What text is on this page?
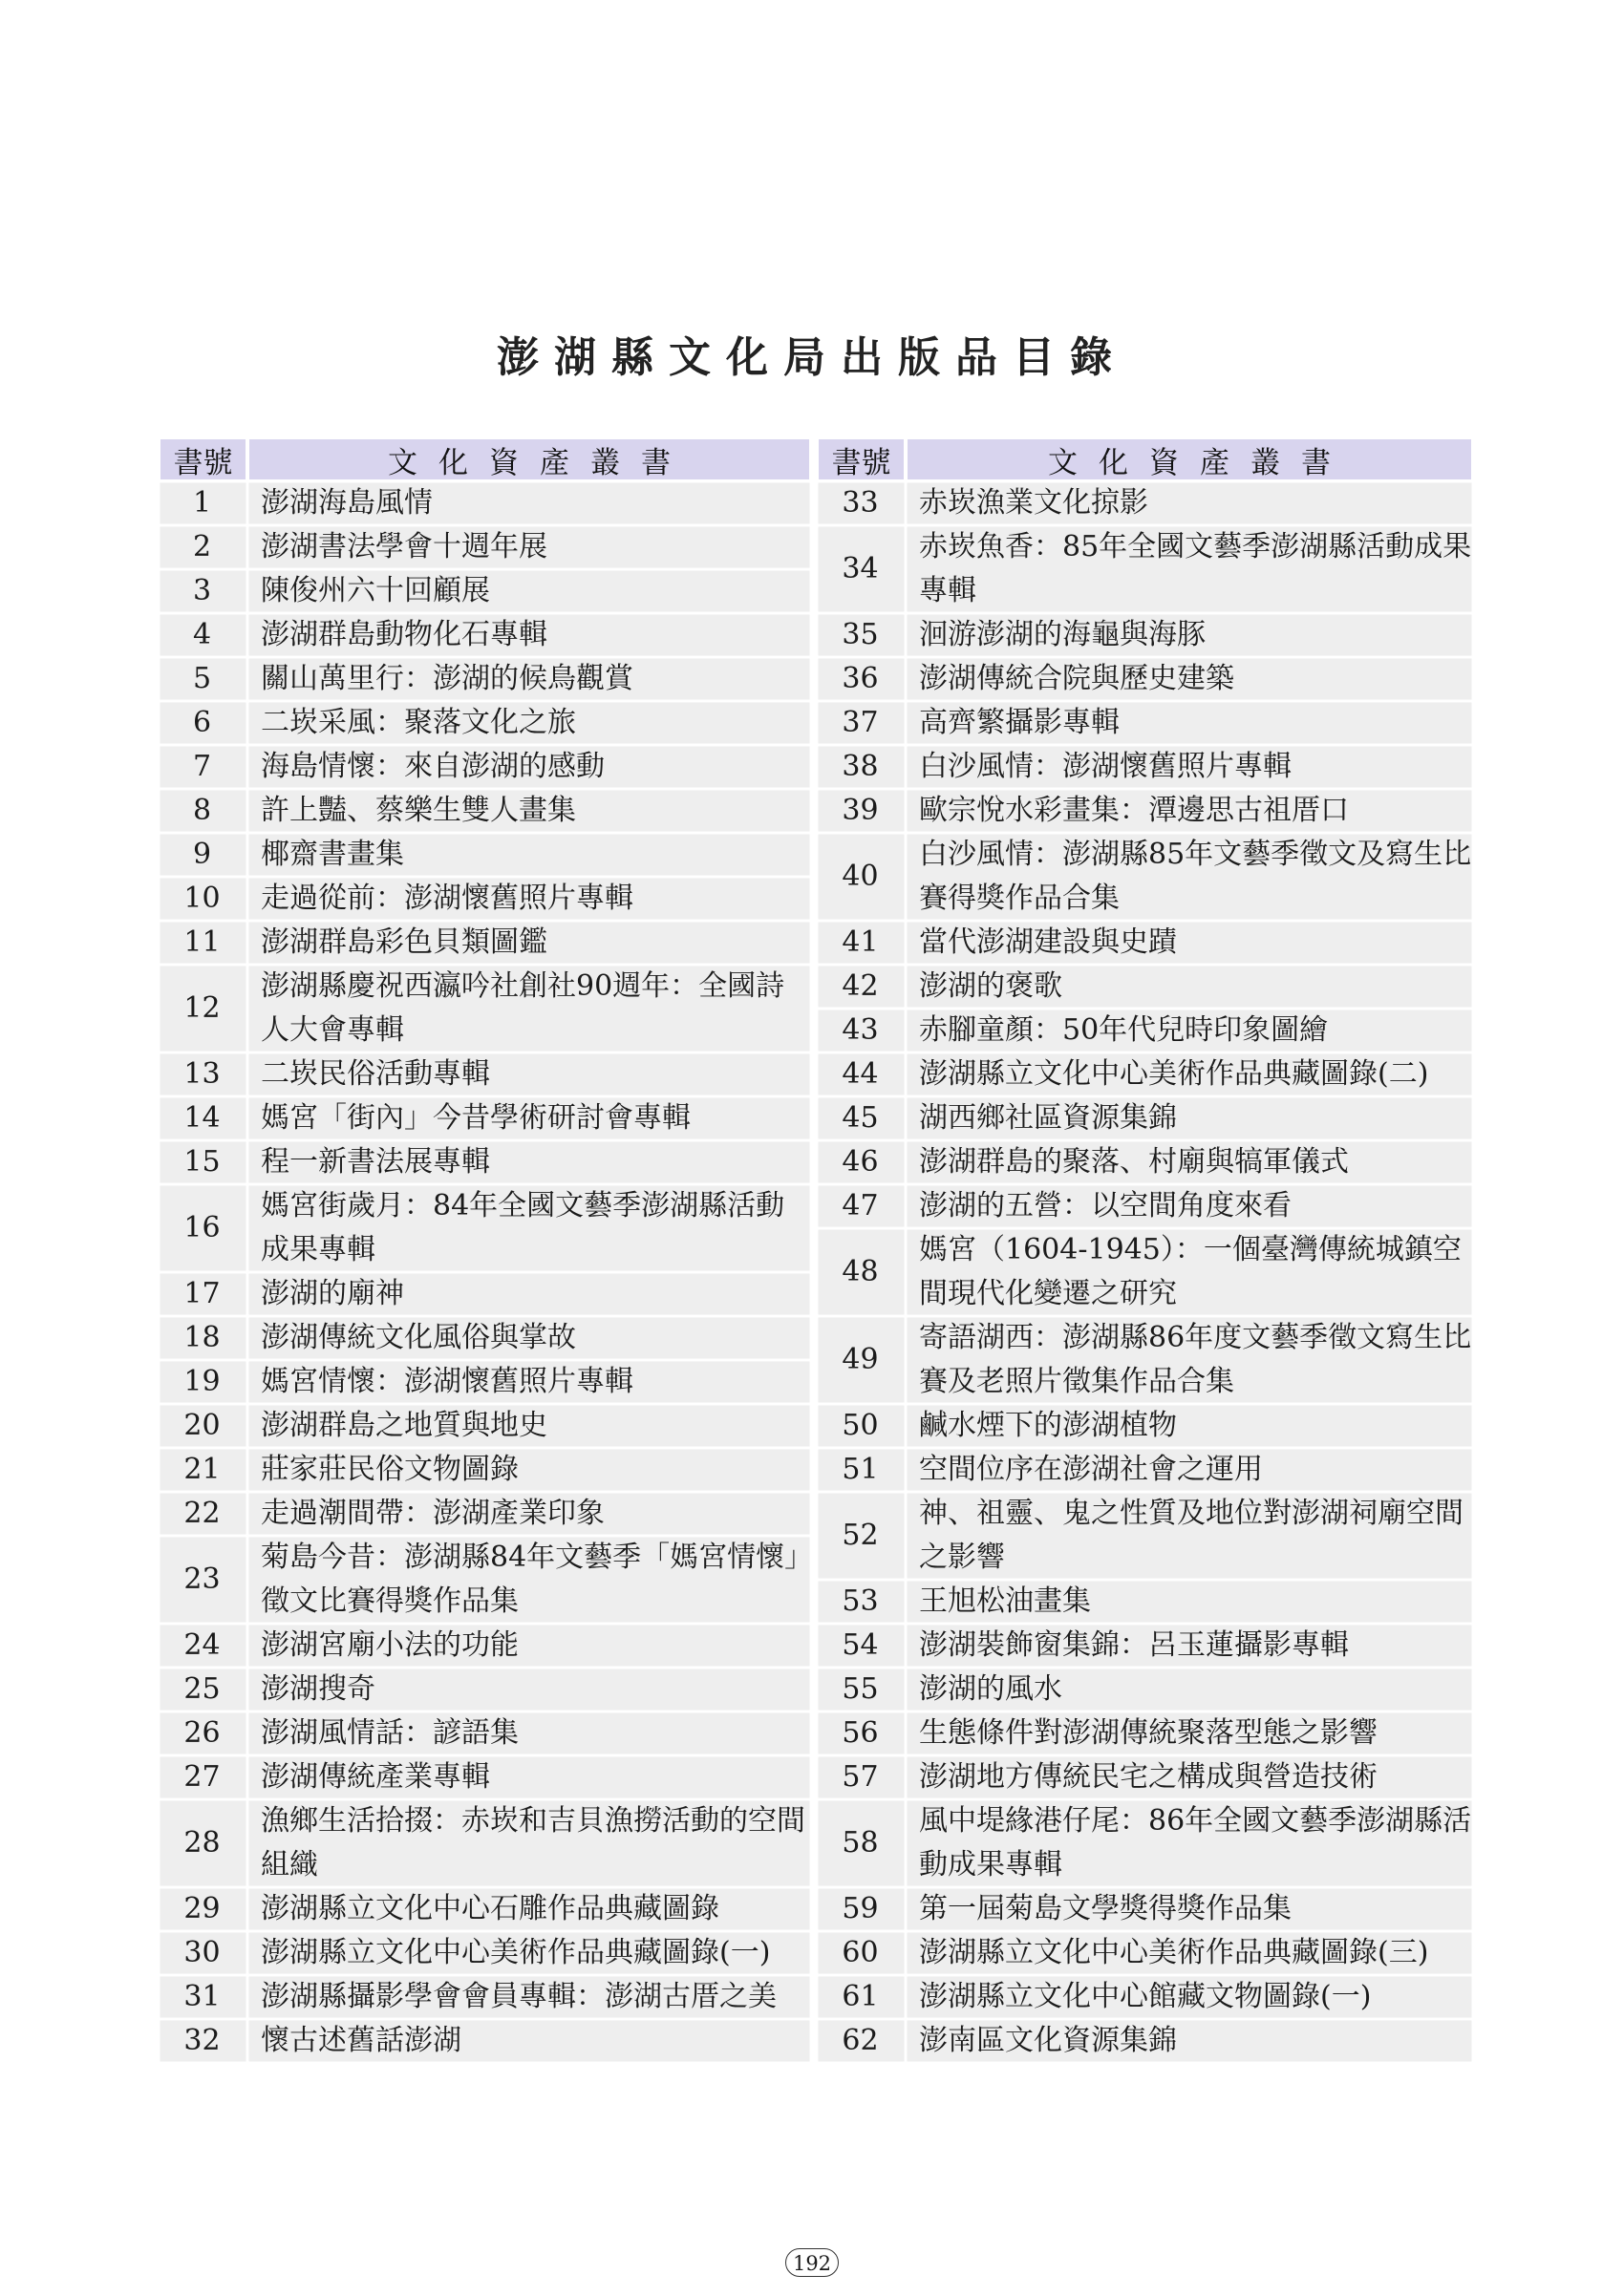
澎湖縣文化局出版品目錄
書號	文化資產叢書
1	澎湖海島風情
2	澎湖書法學會十週年展
3	陳俊州六十回顧展
4	澎湖群島動物化石專輯
5	關山萬里行：澎湖的候鳥觀賞
6	二崁采風：聚落文化之旅
7	海島情懷：來自澎湖的感動
8	許上豔、蔡樂生雙人畫集
9	椰齋書畫集
10	走過從前：澎湖懷舊照片專輯
11	澎湖群島彩色貝類圖鑑
12	澎湖縣慶祝西瀛吟社創社90週年：全國詩人大會專輯
13	二崁民俗活動專輯
14	媽宮「街內」今昔學術研討會專輯
15	程一新書法展專輯
16	媽宮街歲月：84年全國文藝季澎湖縣活動成果專輯
17	澎湖的廟神
18	澎湖傳統文化風俗與掌故
19	媽宮情懷：澎湖懷舊照片專輯
20	澎湖群島之地質與地史
21	莊家莊民俗文物圖錄
22	走過潮間帶：澎湖產業印象
23	菊島今昔：澎湖縣84年文藝季「媽宮情懷」徵文比賽得獎作品集
24	澎湖宮廟小法的功能
25	澎湖搜奇
26	澎湖風情話：諺語集
27	澎湖傳統產業專輯
28	漁鄉生活拾掇：赤崁和吉貝漁撈活動的空間組織
29	澎湖縣立文化中心石雕作品典藏圖錄
30	澎湖縣立文化中心美術作品典藏圖錄(一)
31	澎湖縣攝影學會會員專輯：澎湖古厝之美
32	懷古述舊話澎湖
書號	文化資產叢書
33	赤崁漁業文化掠影
34	赤崁魚香：85年全國文藝季澎湖縣活動成果專輯
35	洄游澎湖的海龜與海豚
36	澎湖傳統合院與歷史建築
37	高齊繁攝影專輯
38	白沙風情：澎湖懷舊照片專輯
39	歐宗悅水彩畫集：潭邊思古祖厝口
40	白沙風情：澎湖縣85年文藝季徵文及寫生比賽得獎作品合集
41	當代澎湖建設與史蹟
42	澎湖的褒歌
43	赤腳童顏：50年代兒時印象圖繪
44	澎湖縣立文化中心美術作品典藏圖錄(二)
45	湖西鄉社區資源集錦
46	澎湖群島的聚落、村廟與犒軍儀式
47	澎湖的五營：以空間角度來看
48	媽宮（1604-1945）：一個臺灣傳統城鎮空間現代化變遷之研究
49	寄語湖西：澎湖縣86年度文藝季徵文寫生比賽及老照片徵集作品合集
50	鹹水煙下的澎湖植物
51	空間位序在澎湖社會之運用
52	神、祖靈、鬼之性質及地位對澎湖祠廟空間之影響
53	王旭松油畫集
54	澎湖裝飾窗集錦：呂玉蓮攝影專輯
55	澎湖的風水
56	生態條件對澎湖傳統聚落型態之影響
57	澎湖地方傳統民宅之構成與營造技術
58	風中堤緣港仔尾：86年全國文藝季澎湖縣活動成果專輯
59	第一屆菊島文學獎得獎作品集
60	澎湖縣立文化中心美術作品典藏圖錄(三)
61	澎湖縣立文化中心館藏文物圖錄(一)
62	澎南區文化資源集錦
192
